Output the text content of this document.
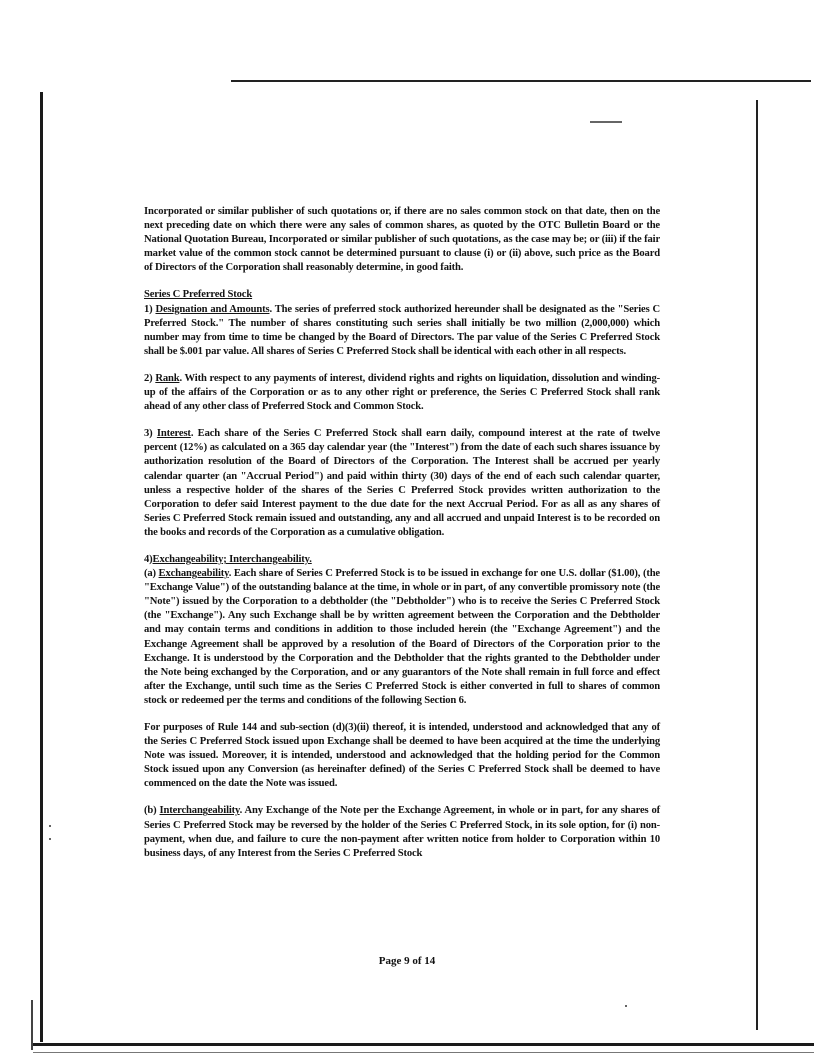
Incorporated or similar publisher of such quotations or, if there are no sales common stock on that date, then on the next preceding date on which there were any sales of common shares, as quoted by the OTC Bulletin Board or the National Quotation Bureau, Incorporated or similar publisher of such quotations, as the case may be; or (iii) if the fair market value of the common stock cannot be determined pursuant to clause (i) or (ii) above, such price as the Board of Directors of the Corporation shall reasonably determine, in good faith.

Series C Preferred Stock
1) Designation and Amounts. The series of preferred stock authorized hereunder shall be designated as the "Series C Preferred Stock." The number of shares constituting such series shall initially be two million (2,000,000) which number may from time to time be changed by the Board of Directors. The par value of the Series C Preferred Stock shall be $.001 par value. All shares of Series C Preferred Stock shall be identical with each other in all respects.

2) Rank. With respect to any payments of interest, dividend rights and rights on liquidation, dissolution and winding-up of the affairs of the Corporation or as to any other right or preference, the Series C Preferred Stock shall rank ahead of any other class of Preferred Stock and Common Stock.

3) Interest. Each share of the Series C Preferred Stock shall earn daily, compound interest at the rate of twelve percent (12%) as calculated on a 365 day calendar year (the "Interest") from the date of each such shares issuance by authorization resolution of the Board of Directors of the Corporation. The Interest shall be accrued per yearly calendar quarter (an "Accrual Period") and paid within thirty (30) days of the end of each such calendar quarter, unless a respective holder of the shares of the Series C Preferred Stock provides written authorization to the Corporation to defer said Interest payment to the due date for the next Accrual Period. For as all as any shares of Series C Preferred Stock remain issued and outstanding, any and all accrued and unpaid Interest is to be recorded on the books and records of the Corporation as a cumulative obligation.

4)Exchangeability; Interchangeability.
(a) Exchangeability. Each share of Series C Preferred Stock is to be issued in exchange for one U.S. dollar ($1.00), (the "Exchange Value") of the outstanding balance at the time, in whole or in part, of any convertible promissory note (the "Note") issued by the Corporation to a debtholder (the "Debtholder") who is to receive the Series C Preferred Stock (the "Exchange"). Any such Exchange shall be by written agreement between the Corporation and the Debtholder and may contain terms and conditions in addition to those included herein (the "Exchange Agreement") and the Exchange Agreement shall be approved by a resolution of the Board of Directors of the Corporation prior to the Exchange. It is understood by the Corporation and the Debtholder that the rights granted to the Debtholder under the Note being exchanged by the Corporation, and or any guarantors of the Note shall remain in full force and effect after the Exchange, until such time as the Series C Preferred Stock is either converted in full to shares of common stock or redeemed per the terms and conditions of the following Section 6.

For purposes of Rule 144 and sub-section (d)(3)(ii) thereof, it is intended, understood and acknowledged that any of the Series C Preferred Stock issued upon Exchange shall be deemed to have been acquired at the time the underlying Note was issued. Moreover, it is intended, understood and acknowledged that the holding period for the Common Stock issued upon any Conversion (as hereinafter defined) of the Series C Preferred Stock shall be deemed to have commenced on the date the Note was issued.

(b) Interchangeability. Any Exchange of the Note per the Exchange Agreement, in whole or in part, for any shares of Series C Preferred Stock may be reversed by the holder of the Series C Preferred Stock, in its sole option, for (i) non-payment, when due, and failure to cure the non-payment after written notice from holder to Corporation within 10 business days, of any Interest from the Series C Preferred Stock

Page 9 of 14
